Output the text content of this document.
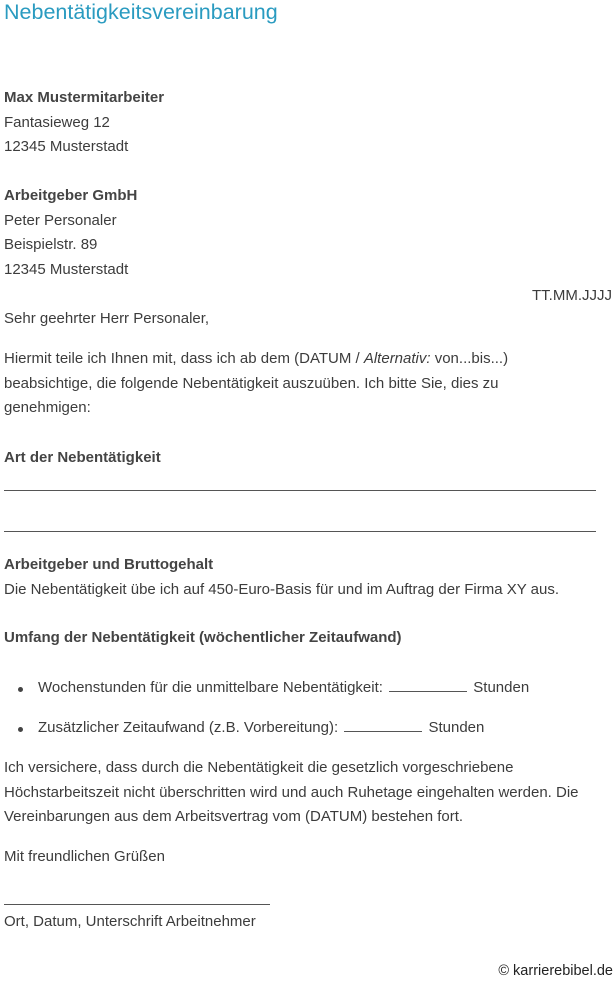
Nebentätigkeitsvereinbarung
Max Mustermitarbeiter
Fantasieweg 12
12345 Musterstadt
Arbeitgeber GmbH
Peter Personaler
Beispielstr. 89
12345 Musterstadt
TT.MM.JJJJ
Sehr geehrter Herr Personaler,
Hiermit teile ich Ihnen mit, dass ich ab dem (DATUM / Alternativ: von...bis...)
beabsichtige, die folgende Nebentätigkeit auszuüben. Ich bitte Sie, dies zu
genehmigen:
Art der Nebentätigkeit
Arbeitgeber und Bruttogehalt
Die Nebentätigkeit übe ich auf 450-Euro-Basis für und im Auftrag der Firma XY aus.
Umfang der Nebentätigkeit (wöchentlicher Zeitaufwand)
Wochenstunden für die unmittelbare Nebentätigkeit:	Stunden
Zusätzlicher Zeitaufwand (z.B. Vorbereitung):	Stunden
Ich versichere, dass durch die Nebentätigkeit die gesetzlich vorgeschriebene
Höchstarbeitszeit nicht überschritten wird und auch Ruhetage eingehalten werden. Die
Vereinbarungen aus dem Arbeitsvertrag vom (DATUM) bestehen fort.
Mit freundlichen Grüßen
Ort, Datum, Unterschrift Arbeitnehmer
© karrierebibel.de
